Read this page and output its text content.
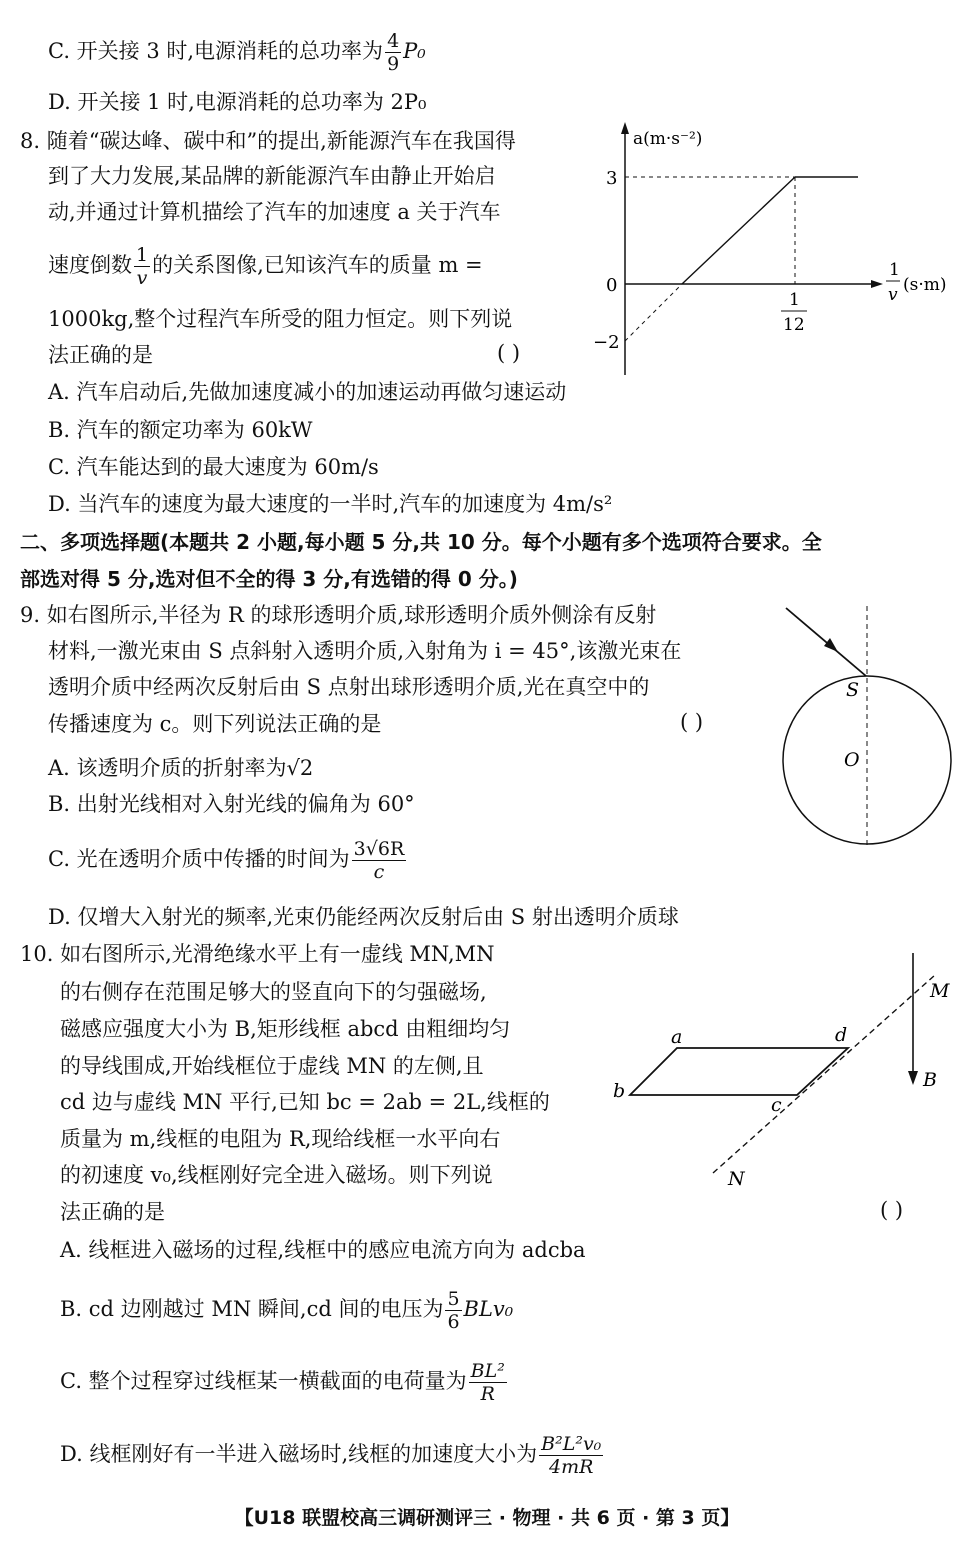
C. 开关接 3 时,电源消耗的总功率为 $\frac{4}{9} P_0$
D. 开关接 1 时,电源消耗的总功率为 2P₀
8. 随着“碳达峰、碳中和”的提出,新能源汽车在我国得
到了大力发展,某品牌的新能源汽车由静止开始启
动,并通过计算机描绘了汽车的加速度 a 关于汽车
速度倒数 $\frac{1}{v}$ 的关系图像,已知该汽车的质量 m =
1000kg,整个过程汽车所受的阻力恒定。则下列说
法正确的是	( )
A. 汽车启动后,先做加速度减小的加速运动再做匀速运动
B. 汽车的额定功率为 60kW
C. 汽车能达到的最大速度为 60m/s
D. 当汽车的速度为最大速度的一半时,汽车的加速度为 4m/s²
a(m·s⁻²)
3
0
−2
1
12
1
v (s·m)
二、多项选择题(本题共 2 小题,每小题 5 分,共 10 分。每个小题有多个选项符合要求。全
部选对得 5 分,选对但不全的得 3 分,有选错的得 0 分。)
9. 如右图所示,半径为 R 的球形透明介质,球形透明介质外侧涂有反射
材料,一激光束由 S 点斜射入透明介质,入射角为 i = 45°,该激光束在
透明介质中经两次反射后由 S 点射出球形透明介质,光在真空中的
传播速度为 c。则下列说法正确的是	( )
A. 该透明介质的折射率为√2
B. 出射光线相对入射光线的偏角为 60°
C. 光在透明介质中传播的时间为 $\frac{3√6R}{c}$
D. 仅增大入射光的频率,光束仍能经两次反射后由 S 射出透明介质球
S
O
10. 如右图所示,光滑绝缘水平上有一虚线 MN,MN
的右侧存在范围足够大的竖直向下的匀强磁场,
磁感应强度大小为 B,矩形线框 abcd 由粗细均匀
的导线围成,开始线框位于虚线 MN 的左侧,且
cd 边与虚线 MN 平行,已知 bc = 2ab = 2L,线框的
质量为 m,线框的电阻为 R,现给线框一水平向右
的初速度 v₀,线框刚好完全进入磁场。则下列说
法正确的是	( )
A. 线框进入磁场的过程,线框中的感应电流方向为 adcba
B. cd 边刚越过 MN 瞬间,cd 间的电压为 $\frac{5}{6} BLv_0$
C. 整个过程穿过线框某一横截面的电荷量为 $\frac{\text{BL²}}{R}$
D. 线框刚好有一半进入磁场时,线框的加速度大小为 $\frac{\text{B²L²v₀}}{4mR}$
a	d
b
c
M
N
B
【U18 联盟校高三调研测评三 · 物理 · 共 6 页 · 第 3 页】
